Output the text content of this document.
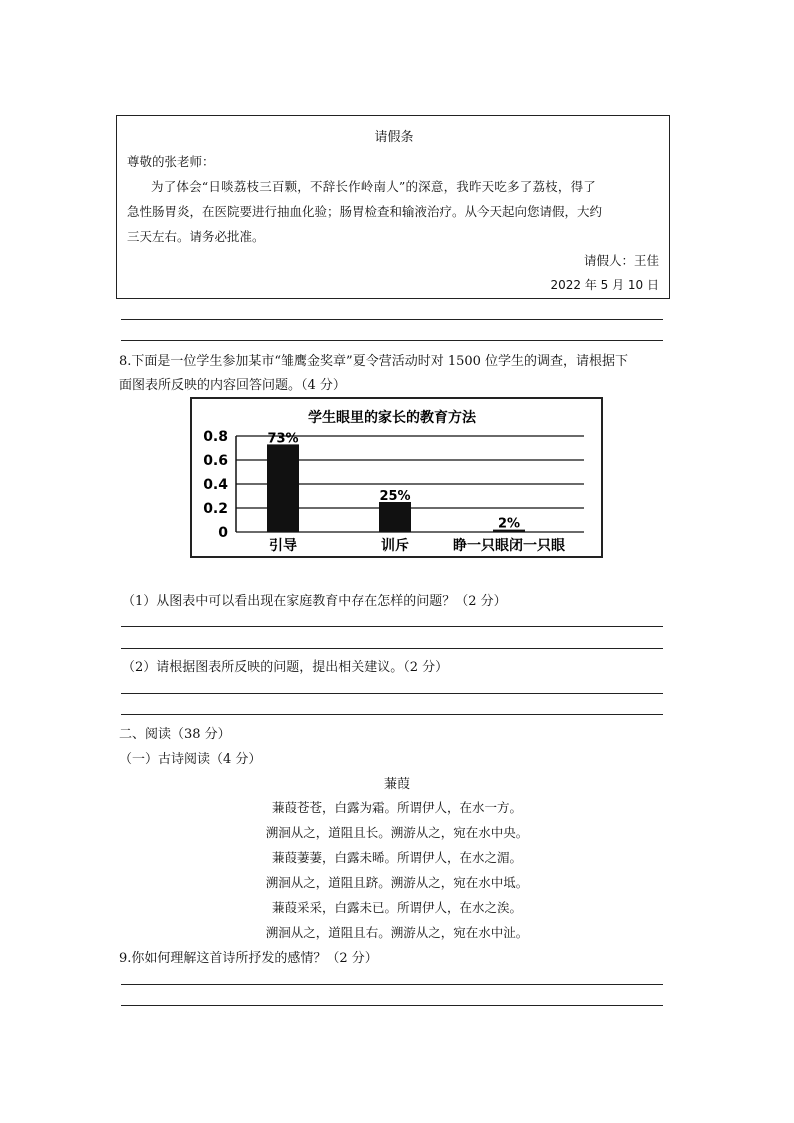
请假条
尊敬的张老师：
为了体会“日啖荔枝三百颗，不辞长作岭南人”的深意，我昨天吃多了荔枝，得了
急性肠胃炎，在医院要进行抽血化验；肠胃检查和输液治疗。从今天起向您请假，大约
三天左右。请务必批准。
请假人：王佳
2022 年 5 月 10 日
8.下面是一位学生参加某市“雏鹰金奖章”夏令营活动时对 1500 位学生的调查，请根据下
面图表所反映的内容回答问题。（4 分）
学生眼里的家长的教育方法
0.8
0.6
0.4
0.2
0
73%
25%
2%
引导	训斥	睁一只眼闭一只眼
（1）从图表中可以看出现在家庭教育中存在怎样的问题？（2 分）
（2）请根据图表所反映的问题，提出相关建议。（2 分）
二、阅读（38 分）
（一）古诗阅读（4 分）
蒹葭
蒹葭苍苍，白露为霜。所谓伊人，在水一方。
溯洄从之，道阻且长。溯游从之，宛在水中央。
蒹葭萋萋，白露未晞。所谓伊人，在水之湄。
溯洄从之，道阻且跻。溯游从之，宛在水中坻。
蒹葭采采，白露未已。所谓伊人，在水之涘。
溯洄从之，道阻且右。溯游从之，宛在水中沚。
9.你如何理解这首诗所抒发的感情？（2 分）
